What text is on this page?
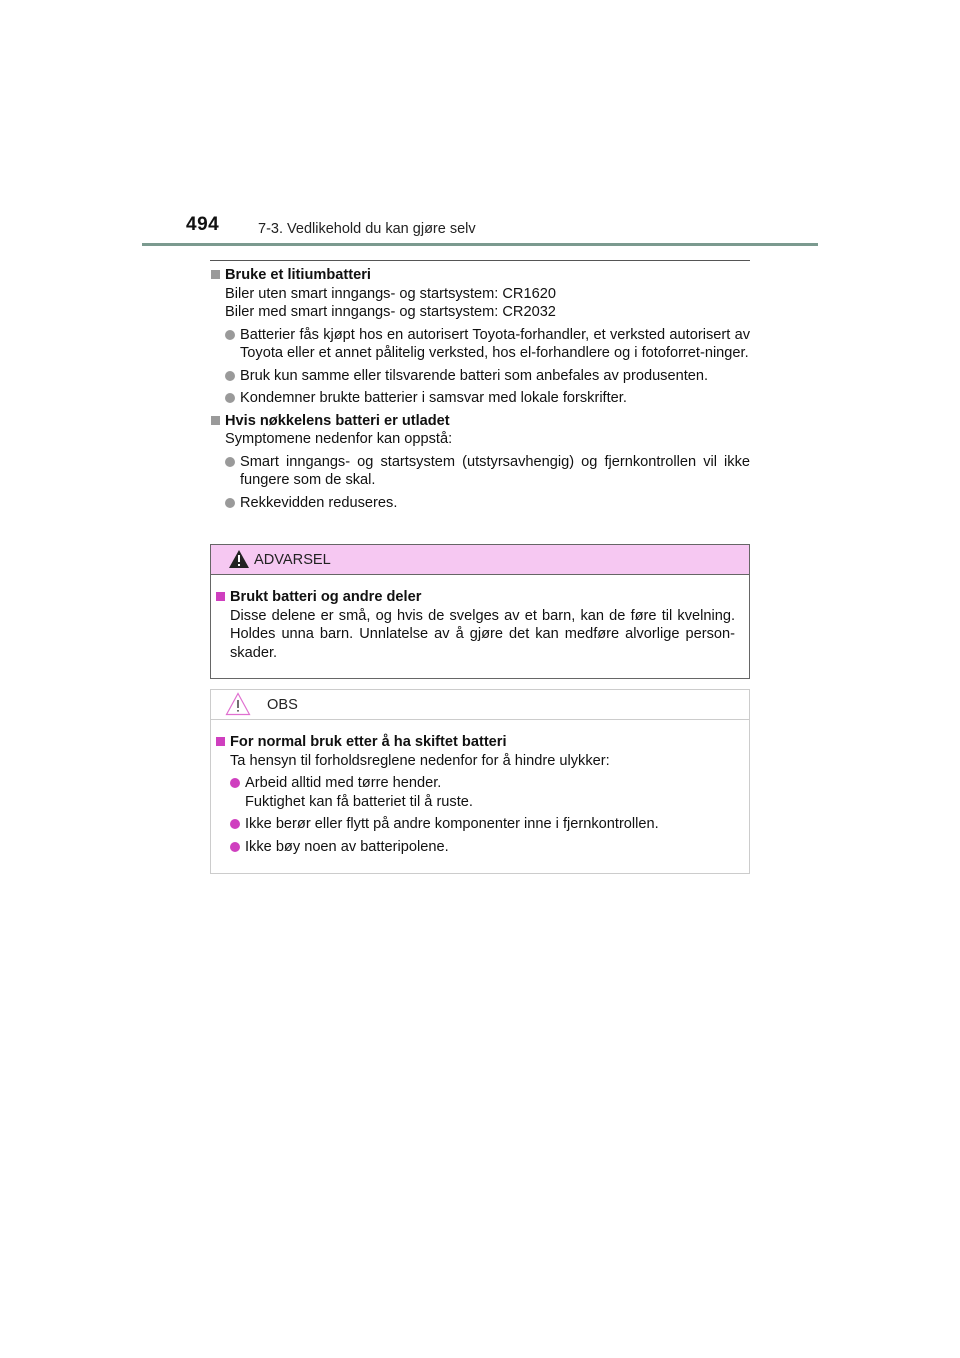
494	7-3. Vedlikehold du kan gjøre selv
Bruke et litiumbatteri
Biler uten smart inngangs- og startsystem: CR1620
Biler med smart inngangs- og startsystem: CR2032
Batterier fås kjøpt hos en autorisert Toyota-forhandler, et verksted autorisert av Toyota eller et annet pålitelig verksted, hos el-forhandlere og i fotoforret-ninger.
Bruk kun samme eller tilsvarende batteri som anbefales av produsenten.
Kondemner brukte batterier i samsvar med lokale forskrifter.
Hvis nøkkelens batteri er utladet
Symptomene nedenfor kan oppstå:
Smart inngangs- og startsystem (utstyrsavhengig) og fjernkontrollen vil ikke fungere som de skal.
Rekkevidden reduseres.
ADVARSEL
Brukt batteri og andre deler
Disse delene er små, og hvis de svelges av et barn, kan de føre til kvelning. Holdes unna barn. Unnlatelse av å gjøre det kan medføre alvorlige person-skader.
OBS
For normal bruk etter å ha skiftet batteri
Ta hensyn til forholdsreglene nedenfor for å hindre ulykker:
Arbeid alltid med tørre hender.
Fuktighet kan få batteriet til å ruste.
Ikke berør eller flytt på andre komponenter inne i fjernkontrollen.
Ikke bøy noen av batteripolene.
